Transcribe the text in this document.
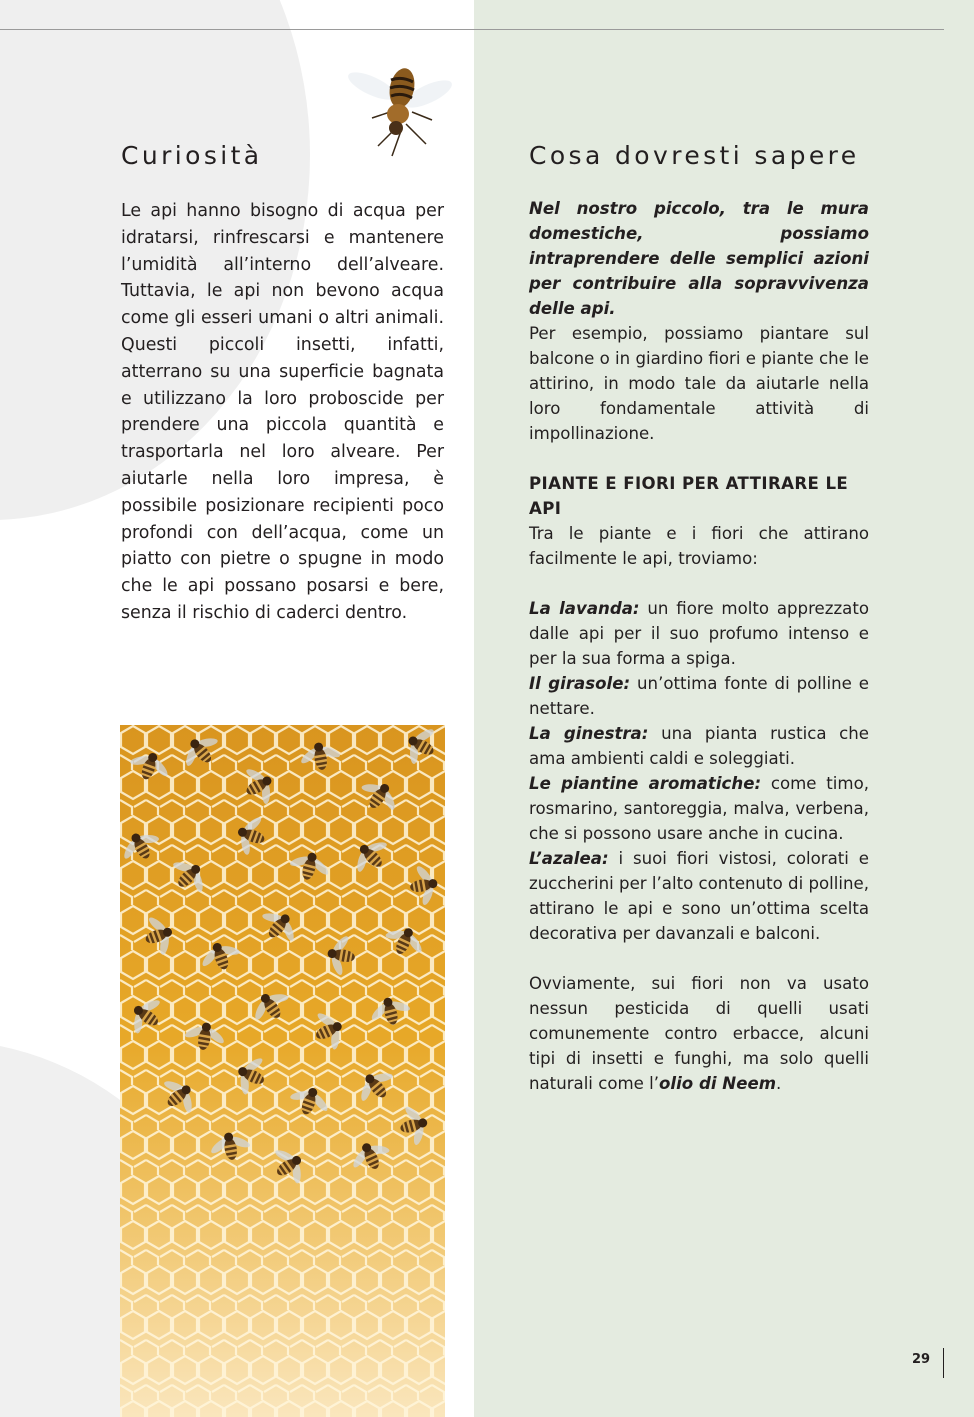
Curiosità	Cosa dovresti sapere

Le api hanno bisogno di acqua per idratarsi, rinfrescarsi e mantenere l’umidità all’interno dell’alveare. Tuttavia, le api non bevono acqua come gli esseri umani o altri animali. Questi piccoli insetti, infatti, atterrano su una superficie bagnata e utilizzano la loro proboscide per prendere una piccola quantità e trasportarla nel loro alveare. Per aiutarle nella loro impresa, è possibile posizionare recipienti poco profondi con dell’acqua, come un piatto con pietre o spugne in modo che le api possano posarsi e bere, senza il rischio di caderci dentro.

Nel nostro piccolo, tra le mura domestiche, possiamo intraprendere delle semplici azioni per contribuire alla sopravvivenza delle api.

Per esempio, possiamo piantare sul balcone o in giardino fiori e piante che le attirino, in modo tale da aiutarle nella loro fondamentale attività di impollinazione.

PIANTE E FIORI PER ATTIRARE LE API

Tra le piante e i fiori che attirano facilmente le api, troviamo:

La lavanda: un fiore molto apprezzato dalle api per il suo profumo intenso e per la sua forma a spiga.

Il girasole: un’ottima fonte di polline e nettare.

La ginestra: una pianta rustica che ama ambienti caldi e soleggiati.

Le piantine aromatiche: come timo, rosmarino, santoreggia, malva, verbena, che si possono usare anche in cucina.

L’azalea: i suoi fiori vistosi, colorati e zuccherini per l’alto contenuto di polline, attirano le api e sono un’ottima scelta decorativa per davanzali e balconi.

Ovviamente, sui fiori non va usato nessun pesticida di quelli usati comunemente contro erbacce, alcuni tipi di insetti e funghi, ma solo quelli naturali come l’olio di Neem.

29
